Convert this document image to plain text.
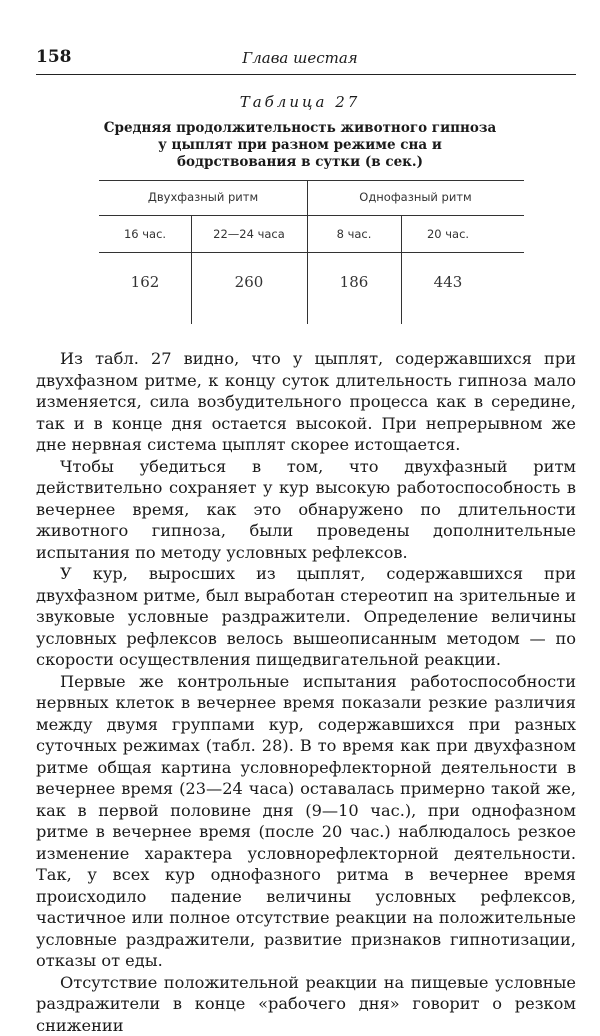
158	Глава шестая
Таблица 27
Средняя продолжительность животного гипноза у цыплят при разном режиме сна и бодрствования в сутки (в сек.)
Двухфазный ритм	Однофазный ритм
16 час.	22—24 часа	8 час.	20 час.
162	260	186	443

Из табл. 27 видно, что у цыплят, содержавшихся при двухфазном ритме, к концу суток длительность гипноза мало изменяется, сила возбудительного процесса как в середине, так и в конце дня остается высокой. При непрерывном же дне нервная система цыплят скорее истощается.

Чтобы убедиться в том, что двухфазный ритм действительно сохраняет у кур высокую работоспособность в вечернее время, как это обнаружено по длительности животного гипноза, были проведены дополнительные испытания по методу условных рефлексов.

У кур, выросших из цыплят, содержавшихся при двухфазном ритме, был выработан стереотип на зрительные и звуковые условные раздражители. Определение величины условных рефлексов велось вышеописанным методом — по скорости осуществления пищедвигательной реакции.

Первые же контрольные испытания работоспособности нервных клеток в вечернее время показали резкие различия между двумя группами кур, содержавшихся при разных суточных режимах (табл. 28). В то время как при двухфазном ритме общая картина условнорефлекторной деятельности в вечернее время (23—24 часа) оставалась примерно такой же, как в первой половине дня (9—10 час.), при однофазном ритме в вечернее время (после 20 час.) наблюдалось резкое изменение характера условнорефлекторной деятельности. Так, у всех кур однофазного ритма в вечернее время происходило падение величины условных рефлексов, частичное или полное отсутствие реакции на положительные условные раздражители, развитие признаков гипнотизации, отказы от еды.

Отсутствие положительной реакции на пищевые условные раздражители в конце «рабочего дня» говорит о резком снижении
